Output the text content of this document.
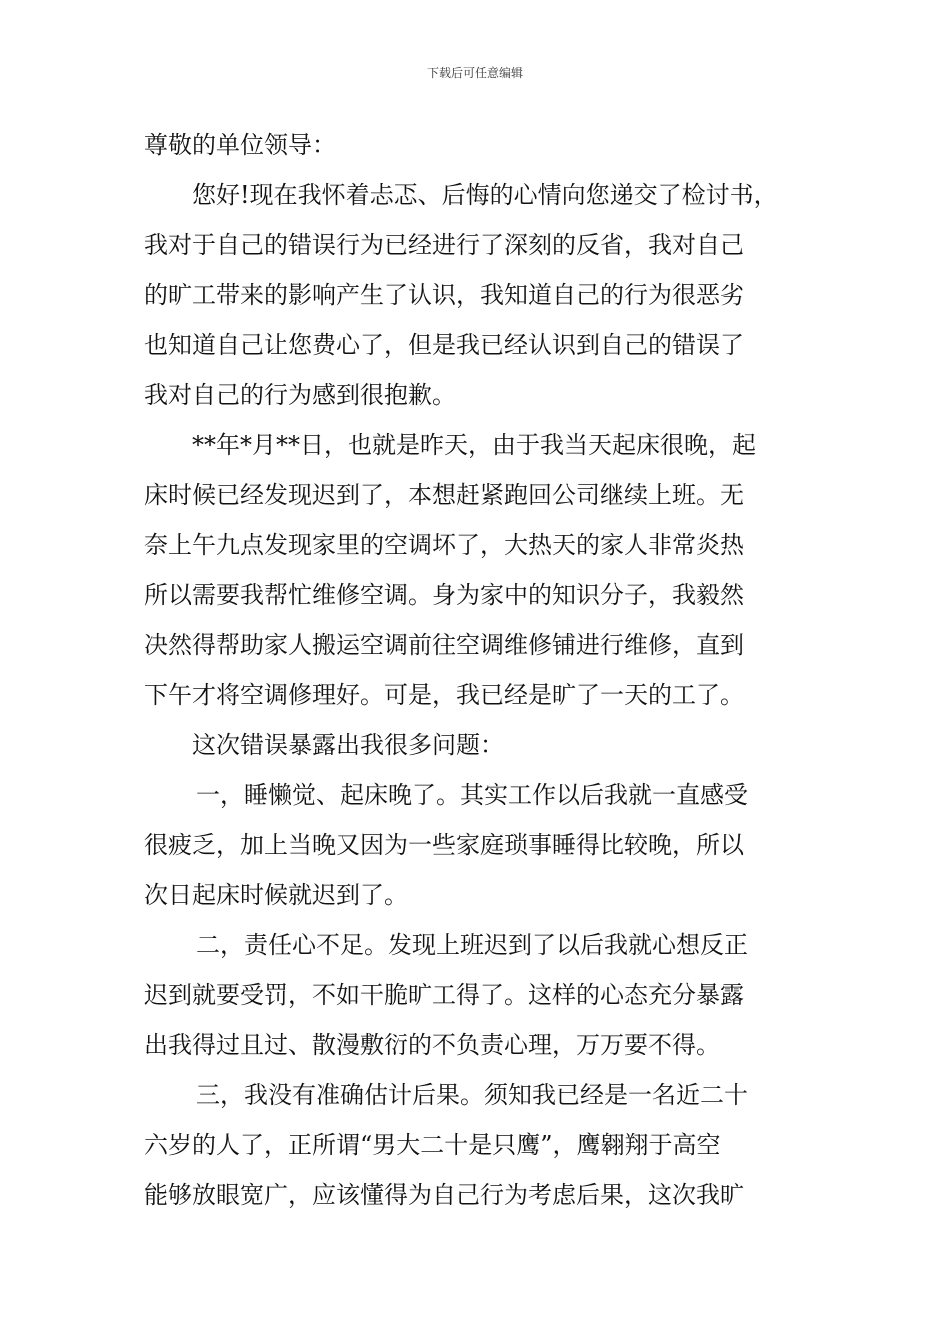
下载后可任意编辑
尊敬的单位领导：
您好!现在我怀着忐忑、后悔的心情向您递交了检讨书，
我对于自己的错误行为已经进行了深刻的反省，我对自己
的旷工带来的影响产生了认识，我知道自己的行为很恶劣
也知道自己让您费心了，但是我已经认识到自己的错误了
我对自己的行为感到很抱歉。
**年*月**日，也就是昨天，由于我当天起床很晚，起
床时候已经发现迟到了，本想赶紧跑回公司继续上班。无
奈上午九点发现家里的空调坏了，大热天的家人非常炎热
所以需要我帮忙维修空调。身为家中的知识分子，我毅然
决然得帮助家人搬运空调前往空调维修铺进行维修，直到
下午才将空调修理好。可是，我已经是旷了一天的工了。
这次错误暴露出我很多问题：
一，睡懒觉、起床晚了。其实工作以后我就一直感受
很疲乏，加上当晚又因为一些家庭琐事睡得比较晚，所以
次日起床时候就迟到了。
二，责任心不足。发现上班迟到了以后我就心想反正
迟到就要受罚，不如干脆旷工得了。这样的心态充分暴露
出我得过且过、散漫敷衍的不负责心理，万万要不得。
三，我没有准确估计后果。须知我已经是一名近二十
六岁的人了，正所谓“男大二十是只鹰”，鹰翱翔于高空
能够放眼宽广，应该懂得为自己行为考虑后果，这次我旷
